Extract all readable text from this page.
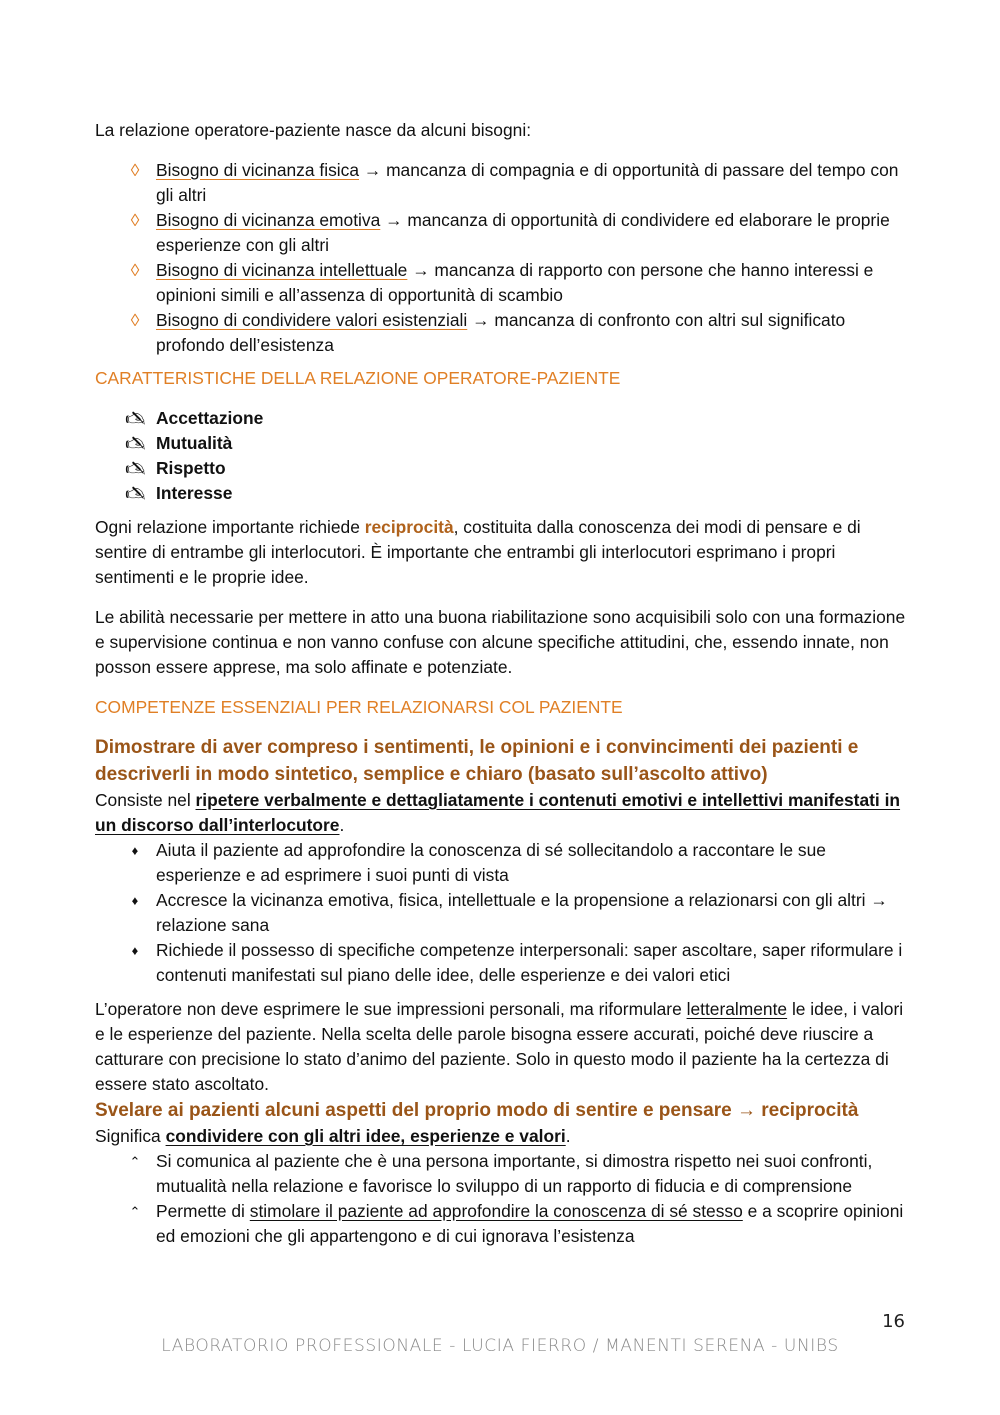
La relazione operatore-paziente nasce da alcuni bisogni:

◊ Bisogno di vicinanza fisica → mancanza di compagnia e di opportunità di passare del tempo con gli altri
◊ Bisogno di vicinanza emotiva → mancanza di opportunità di condividere ed elaborare le proprie esperienze con gli altri
◊ Bisogno di vicinanza intellettuale → mancanza di rapporto con persone che hanno interessi e opinioni simili e all’assenza di opportunità di scambio
◊ Bisogno di condividere valori esistenziali → mancanza di confronto con altri sul significato profondo dell’esistenza

CARATTERISTICHE DELLA RELAZIONE OPERATORE-PAZIENTE

🖎 Accettazione
🖎 Mutualità
🖎 Rispetto
🖎 Interesse

Ogni relazione importante richiede reciprocità, costituita dalla conoscenza dei modi di pensare e di sentire di entrambe gli interlocutori. È importante che entrambi gli interlocutori esprimano i propri sentimenti e le proprie idee.

Le abilità necessarie per mettere in atto una buona riabilitazione sono acquisibili solo con una formazione e supervisione continua e non vanno confuse con alcune specifiche attitudini, che, essendo innate, non posson essere apprese, ma solo affinate e potenziate.

COMPETENZE ESSENZIALI PER RELAZIONARSI COL PAZIENTE

Dimostrare di aver compreso i sentimenti, le opinioni e i convincimenti dei pazienti e descriverli in modo sintetico, semplice e chiaro (basato sull’ascolto attivo)

Consiste nel ripetere verbalmente e dettagliatamente i contenuti emotivi e intellettivi manifestati in un discorso dall’interlocutore.

♦	Aiuta il paziente ad approfondire la conoscenza di sé sollecitandolo a raccontare le sue esperienze e ad esprimere i suoi punti di vista
♦	Accresce la vicinanza emotiva, fisica, intellettuale e la propensione a relazionarsi con gli altri → relazione sana
♦	Richiede il possesso di specifiche competenze interpersonali: saper ascoltare, saper riformulare i contenuti manifestati sul piano delle idee, delle esperienze e dei valori etici

L’operatore non deve esprimere le sue impressioni personali, ma riformulare letteralmente le idee, i valori e le esperienze del paziente. Nella scelta delle parole bisogna essere accurati, poiché deve riuscire a catturare con precisione lo stato d’animo del paziente. Solo in questo modo il paziente ha la certezza di essere stato ascoltato.

Svelare ai pazienti alcuni aspetti del proprio modo di sentire e pensare → reciprocità

Significa condividere con gli altri idee, esperienze e valori.

⌃ Si comunica al paziente che è una persona importante, si dimostra rispetto nei suoi confronti, mutualità nella relazione e favorisce lo sviluppo di un rapporto di fiducia e di comprensione
⌃ Permette di stimolare il paziente ad approfondire la conoscenza di sé stesso e a scoprire opinioni ed emozioni che gli appartengono e di cui ignorava l’esistenza
16
LABORATORIO PROFESSIONALE - LUCIA FIERRO / MANENTI SERENA - UNIBS
